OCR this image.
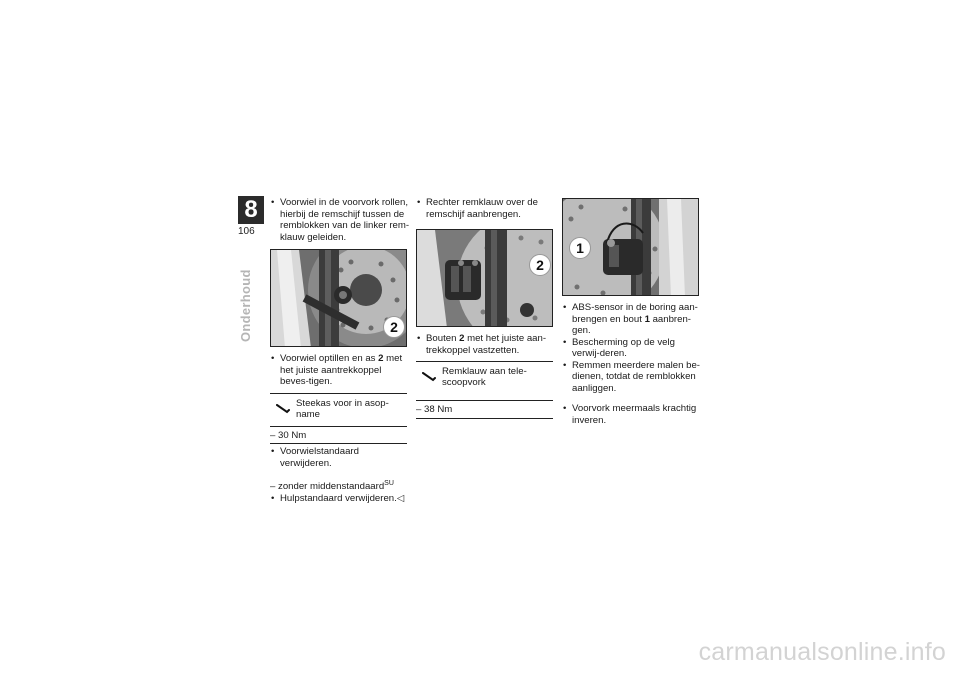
8
106
Onderhoud
• Voorwiel in de voorvork rollen, hierbij de remschijf tussen de remblokken van de linker rem-klauw geleiden.
2
• Voorwiel optillen en as 2 met het juiste aantrekkoppel beves-tigen.
Steekas voor in asop-name
– 30 Nm
• Voorwielstandaard verwijderen.
– zonder middenstandaard$^{SU}$
• Hulpstandaard verwijderen.◁
• Rechter remklauw over de remschijf aanbrengen.
2
• Bouten 2 met het juiste aan-trekkoppel vastzetten.
Remklauw aan tele-scoopvork
– 38 Nm
1
• ABS-sensor in de boring aan-brengen en bout 1 aanbren-gen.
• Bescherming op de velg verwij-deren.
• Remmen meerdere malen be-dienen, totdat de remblokken aanliggen.
• Voorvork meermaals krachtig inveren.
carmanualsonline.info
